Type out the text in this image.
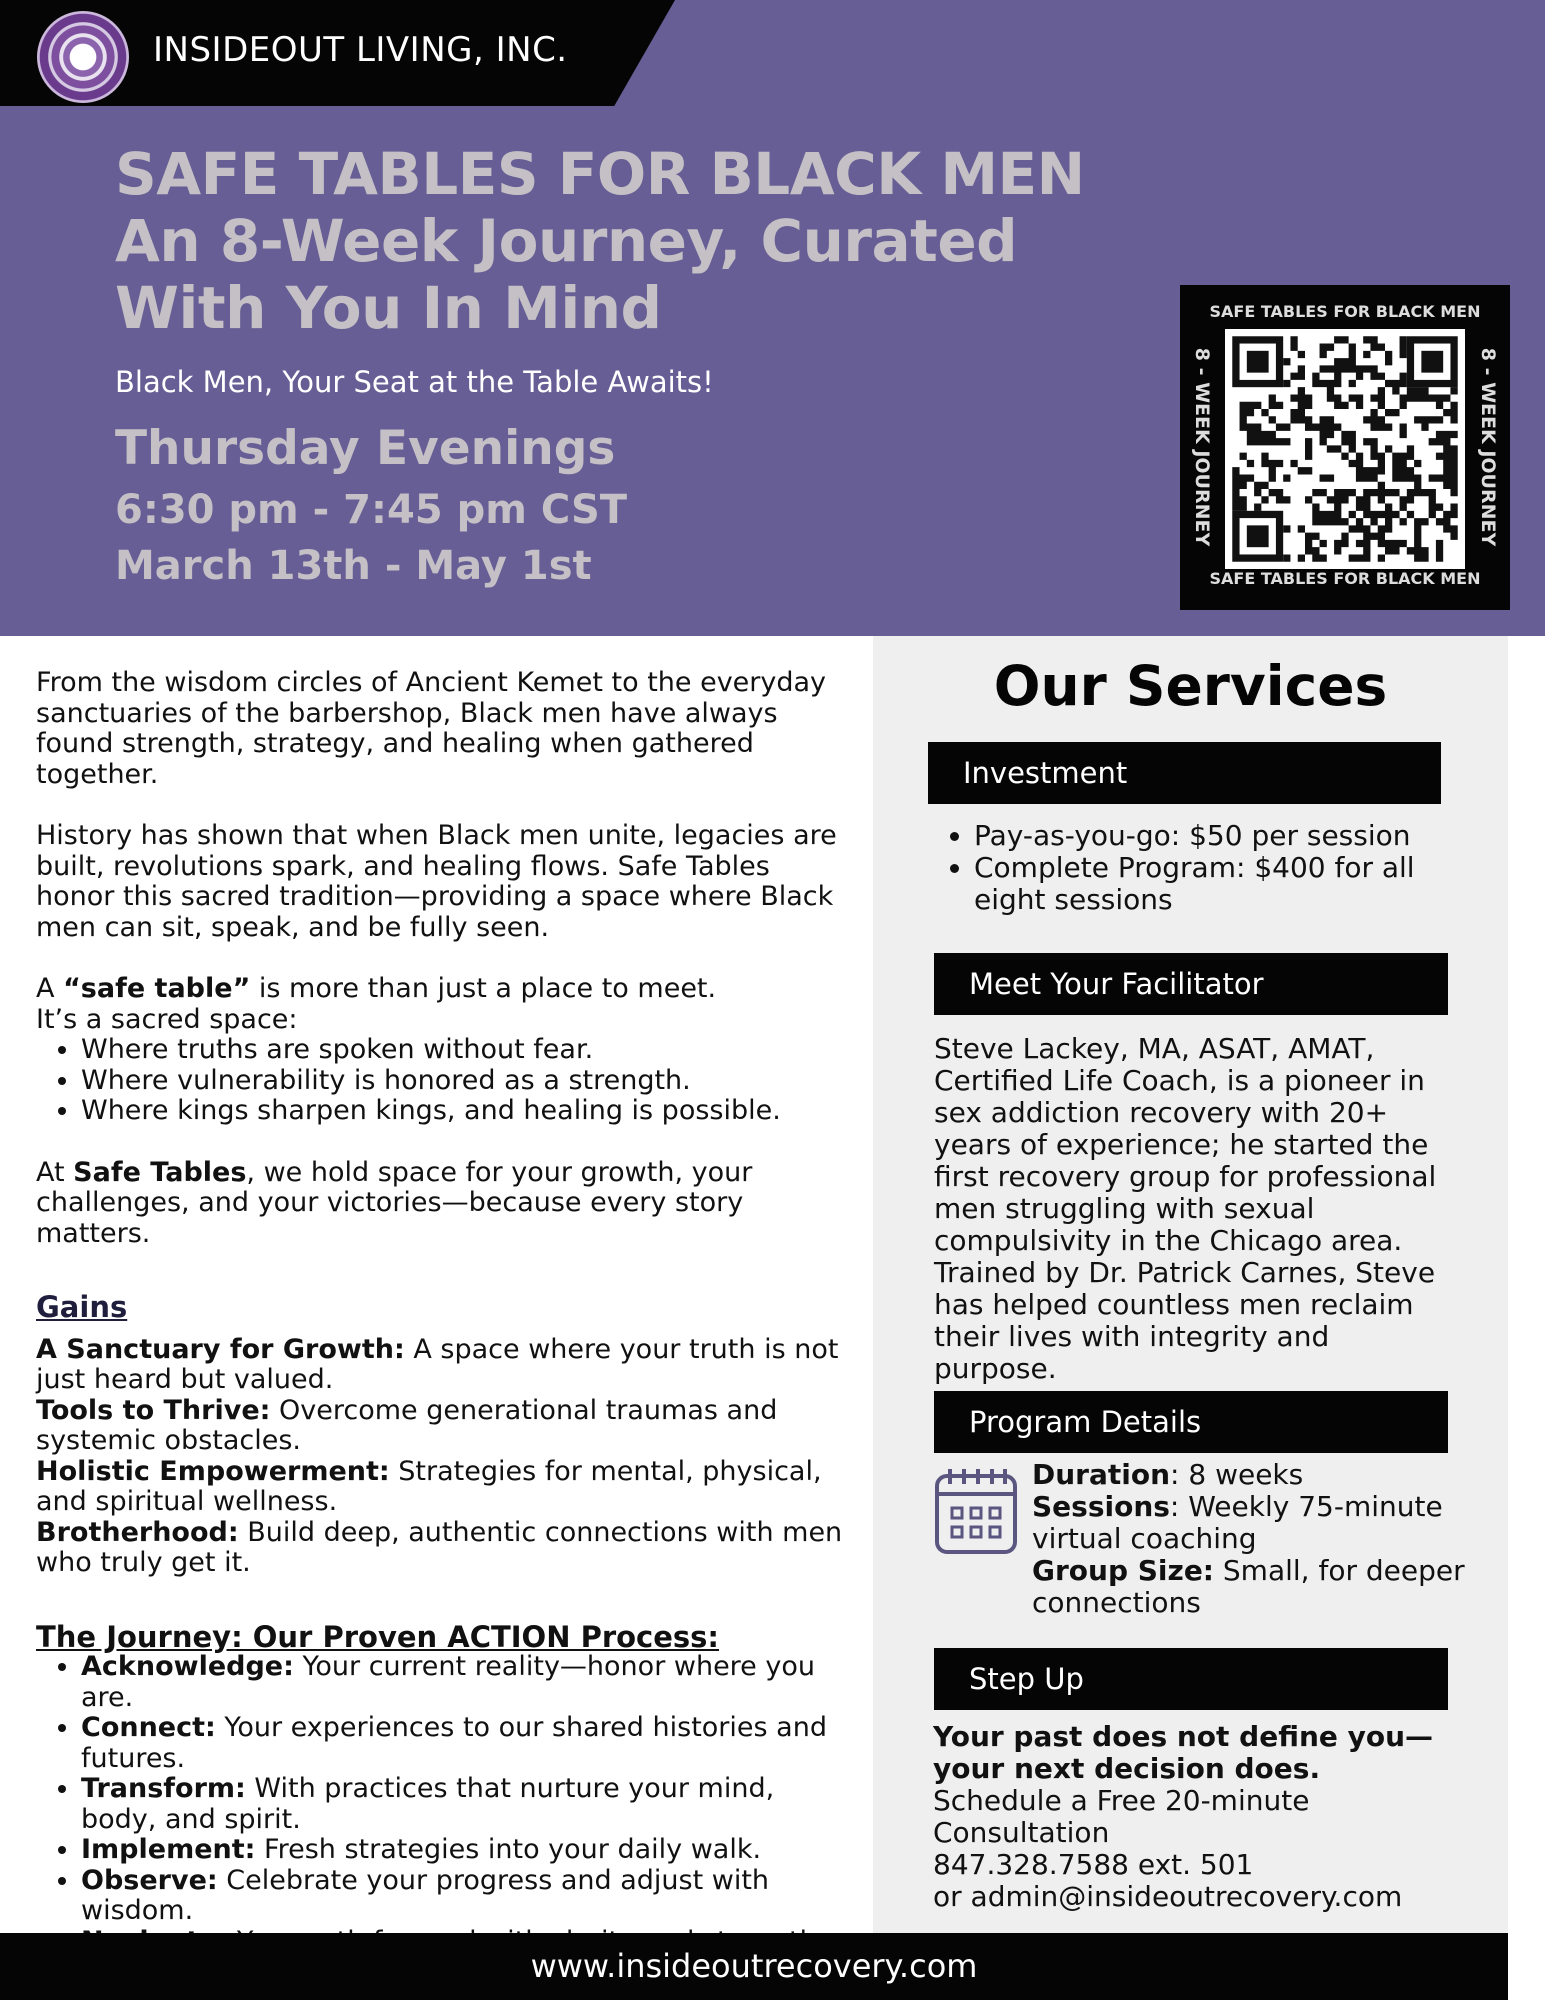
INSIDEOUT LIVING, INC.
SAFE TABLES FOR BLACK MEN
An 8-Week Journey, Curated
With You In Mind
Black Men, Your Seat at the Table Awaits!
Thursday Evenings
6:30 pm - 7:45 pm CST
March 13th - May 1st
SAFE TABLES FOR BLACK MEN
8 - WEEK JOURNEY	8 - WEEK JOURNEY
SAFE TABLES FOR BLACK MEN

From the wisdom circles of Ancient Kemet to the everyday sanctuaries of the barbershop, Black men have always found strength, strategy, and healing when gathered together.

History has shown that when Black men unite, legacies are built, revolutions spark, and healing flows. Safe Tables honor this sacred tradition—providing a space where Black men can sit, speak, and be fully seen.

A “safe table” is more than just a place to meet.
It’s a sacred space:

• Where truths are spoken without fear.
• Where vulnerability is honored as a strength.
• Where kings sharpen kings, and healing is possible.

At Safe Tables, we hold space for your growth, your challenges, and your victories—because every story matters.

Gains
A Sanctuary for Growth: A space where your truth is not just heard but valued.
Tools to Thrive: Overcome generational traumas and systemic obstacles.
Holistic Empowerment: Strategies for mental, physical, and spiritual wellness.
Brotherhood: Build deep, authentic connections with men who truly get it.
The Journey: Our Proven ACTION Process:
• Acknowledge: Your current reality—honor where you are.
• Connect: Your experiences to our shared histories and futures.
• Transform: With practices that nurture your mind, body, and spirit.
• Implement: Fresh strategies into your daily walk.
• Observe: Celebrate your progress and adjust with wisdom.
•
Our Services
Investment
• Pay-as-you-go: $50 per session
• Complete Program: $400 for all eight sessions
Meet Your Facilitator
Steve Lackey, MA, ASAT, AMAT, Certified Life Coach, is a pioneer in sex addiction recovery with 20+ years of experience; he started the first recovery group for professional men struggling with sexual compulsivity in the Chicago area. Trained by Dr. Patrick Carnes, Steve has helped countless men reclaim their lives with integrity and purpose.
Program Details
Duration: 8 weeks
Sessions: Weekly 75-minute virtual coaching
Group Size: Small, for deeper connections
Step Up
Your past does not define you—your next decision does.
Schedule a Free 20-minute Consultation
847.328.7588 ext. 501
or admin@insideoutrecovery.com
www.insideoutrecovery.com
